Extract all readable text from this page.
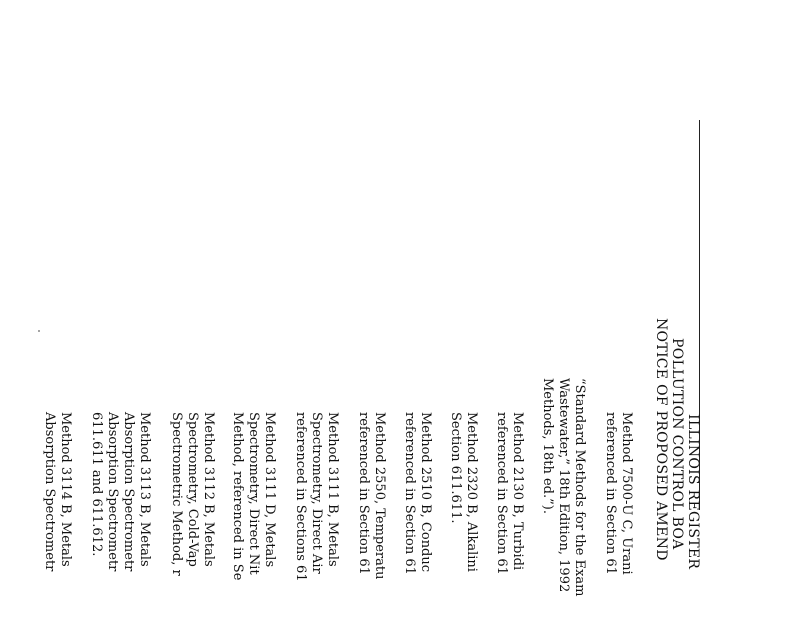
ILLINOIS REGISTER
POLLUTION CONTROL BOA
NOTICE OF PROPOSED AMEND
Method 7500-U C, Urani
referenced in Section 61
“Standard Methods for the Exam
Wastewater,” 18th Edition, 1992
Methods, 18th ed.”).
Method 2130 B, Turbidi
referenced in Section 61
Method 2320 B, Alkalini
Section 611.611.
Method 2510 B, Conduc
referenced in Section 61
Method 2550, Temperatu
referenced in Section 61
Method 3111 B, Metals
Spectrometry, Direct Air
referenced in Sections 61
Method 3111 D, Metals
Spectrometry, Direct Nit
Method, referenced in Se
Method 3112 B, Metals
Spectrometry, Cold-Vap
Spectrometric Method, r
Method 3113 B, Metals
Absorption Spectrometr
Absorption Spectrometr
611.611 and 611.612.
Method 3114 B, Metals
Absorption Spectrometr
